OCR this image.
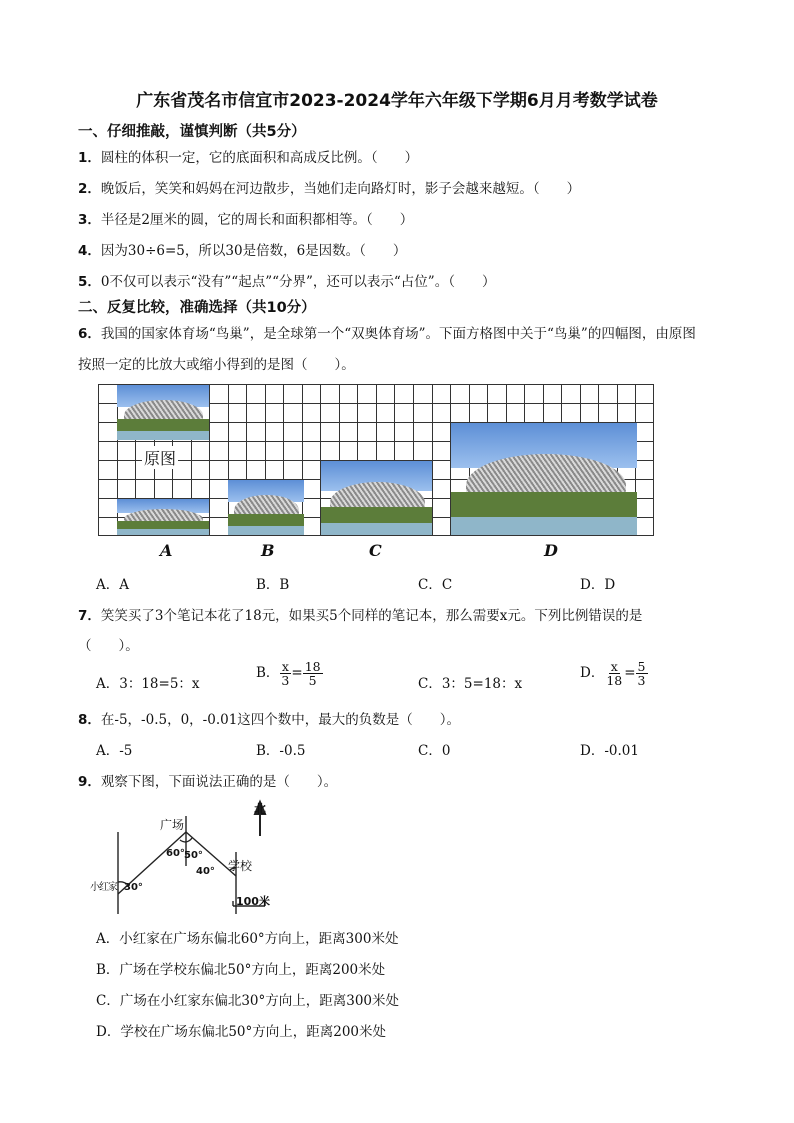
广东省茂名市信宜市2023-2024学年六年级下学期6月月考数学试卷
一、仔细推敲，谨慎判断（共5分）
1．圆柱的体积一定，它的底面积和高成反比例。（　　）
2．晚饭后，笑笑和妈妈在河边散步，当她们走向路灯时，影子会越来越短。（　　）
3．半径是2厘米的圆，它的周长和面积都相等。（　　）
4．因为30÷6=5，所以30是倍数，6是因数。（　　）
5．0不仅可以表示“没有”“起点”“分界”，还可以表示“占位”。（　　）
二、反复比较，准确选择（共10分）
6．我国的国家体育场“鸟巢”，是全球第一个“双奥体育场”。下面方格图中关于“鸟巢”的四幅图，由原图
按照一定的比放大或缩小得到的是图（　　）。
原图
A	B	C	D
A．A	B．B	C．C	D．D
7．笑笑买了3个笔记本花了18元，如果买5个同样的笔记本，那么需要x元。下列比例错误的是
（　　）。
A．3：18=5：x
B． $\frac{x}{3} = \frac{18}{5}$	C．3：5=18：x
D． $\frac{x}{18} = \frac{5}{3}$
8．在-5，-0.5，0，-0.01这四个数中，最大的负数是（　　）。
A．-5	B．-0.5	C．0	D．-0.01
9．观察下图，下面说法正确的是（　　）。
北
广场
小红家
学校
100米
60° 50°
40°
30°
A．小红家在广场东偏北60°方向上，距离300米处
B．广场在学校东偏北50°方向上，距离200米处
C．广场在小红家东偏北30°方向上，距离300米处
D．学校在广场东偏北50°方向上，距离200米处
